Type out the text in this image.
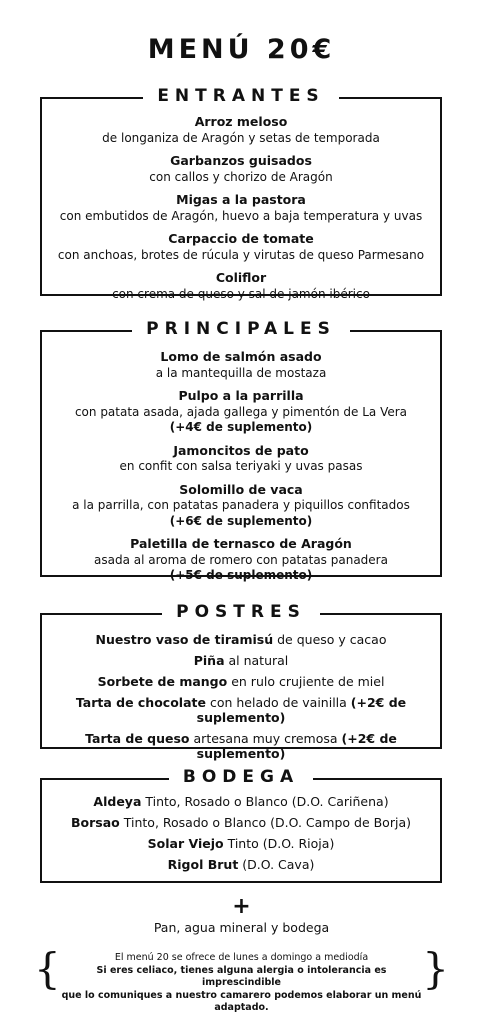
MENÚ 20€
ENTRANTES
Arroz meloso
de longaniza de Aragón y setas de temporada
Garbanzos guisados
con callos y chorizo de Aragón
Migas a la pastora
con embutidos de Aragón, huevo a baja temperatura y uvas
Carpaccio de tomate
con anchoas, brotes de rúcula y virutas de queso Parmesano
Coliflor
con crema de queso y sal de jamón ibérico
PRINCIPALES
Lomo de salmón asado
a la mantequilla de mostaza
Pulpo a la parrilla
con patata asada, ajada gallega y pimentón de La Vera
(+4€ de suplemento)
Jamoncitos de pato
en confit con salsa teriyaki y uvas pasas
Solomillo de vaca
a la parrilla, con patatas panadera y piquillos confitados
(+6€ de suplemento)
Paletilla de ternasco de Aragón
asada al aroma de romero con patatas panadera
(+5€ de suplemento)
POSTRES
Nuestro vaso de tiramisú de queso y cacao
Piña al natural
Sorbete de mango en rulo crujiente de miel
Tarta de chocolate con helado de vainilla (+2€ de suplemento)
Tarta de queso artesana muy cremosa (+2€ de suplemento)
BODEGA
Aldeya Tinto, Rosado o Blanco (D.O. Cariñena)
Borsao Tinto, Rosado o Blanco (D.O. Campo de Borja)
Solar Viejo Tinto (D.O. Rioja)
Rigol Brut (D.O. Cava)
+
Pan, agua mineral y bodega
{	El menú 20 se ofrece de lunes a domingo a mediodía
Si eres celiaco, tienes alguna alergia o intolerancia es imprescindible
que lo comuniques a nuestro camarero podemos elaborar un menú adaptado.
}
